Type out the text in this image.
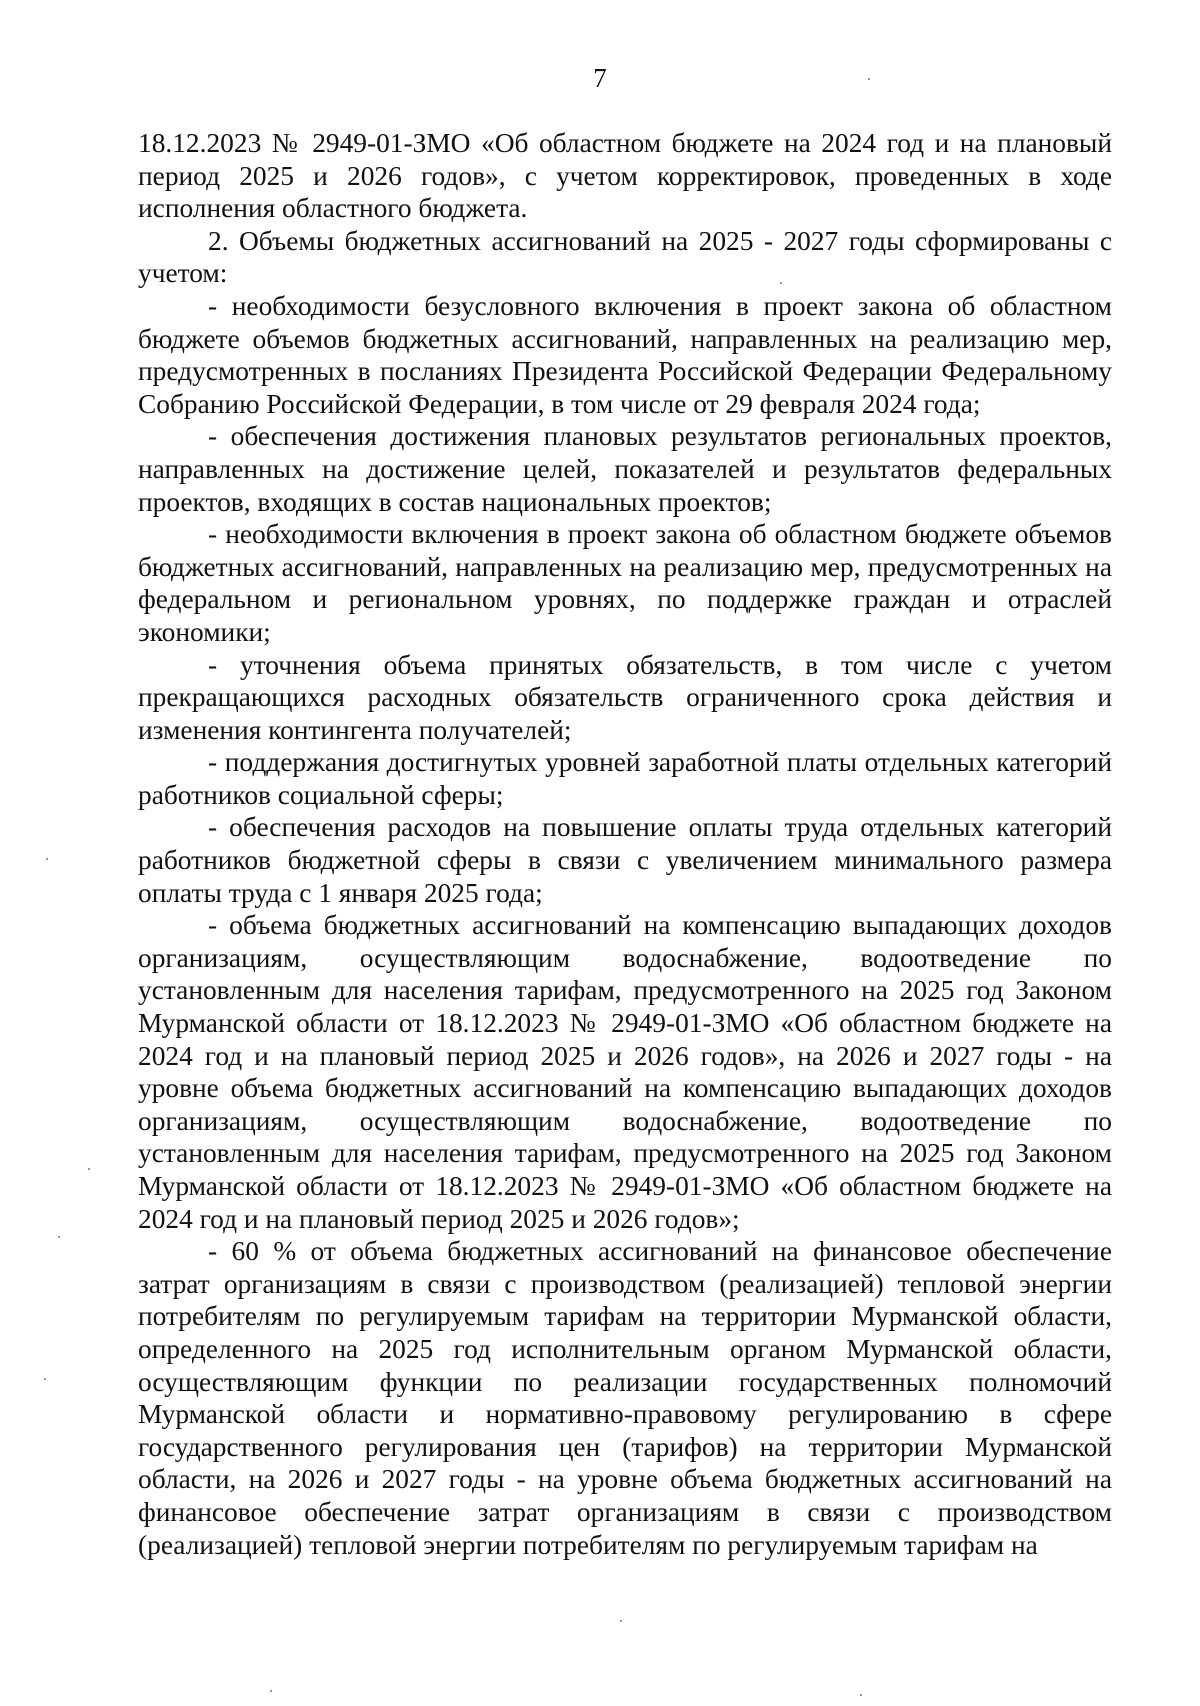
7

18.12.2023 № 2949-01-ЗМО «Об областном бюджете на 2024 год и на плановый период 2025 и 2026 годов», с учетом корректировок, проведенных в ходе исполнения областного бюджета.

2. Объемы бюджетных ассигнований на 2025 - 2027 годы сформированы с учетом:

- необходимости безусловного включения в проект закона об областном бюджете объемов бюджетных ассигнований, направленных на реализацию мер, предусмотренных в посланиях Президента Российской Федерации Федеральному Собранию Российской Федерации, в том числе от 29 февраля 2024 года;

- обеспечения достижения плановых результатов региональных проектов, направленных на достижение целей, показателей и результатов федеральных проектов, входящих в состав национальных проектов;

- необходимости включения в проект закона об областном бюджете объемов бюджетных ассигнований, направленных на реализацию мер, предусмотренных на федеральном и региональном уровнях, по поддержке граждан и отраслей экономики;

- уточнения объема принятых обязательств, в том числе с учетом прекращающихся расходных обязательств ограниченного срока действия и изменения контингента получателей;

- поддержания достигнутых уровней заработной платы отдельных категорий работников социальной сферы;

- обеспечения расходов на повышение оплаты труда отдельных категорий работников бюджетной сферы в связи с увеличением минимального размера оплаты труда с 1 января 2025 года;

- объема бюджетных ассигнований на компенсацию выпадающих доходов организациям, осуществляющим водоснабжение, водоотведение по установленным для населения тарифам, предусмотренного на 2025 год Законом Мурманской области от 18.12.2023 № 2949-01-ЗМО «Об областном бюджете на 2024 год и на плановый период 2025 и 2026 годов», на 2026 и 2027 годы - на уровне объема бюджетных ассигнований на компенсацию выпадающих доходов организациям, осуществляющим водоснабжение, водоотведение по установленным для населения тарифам, предусмотренного на 2025 год Законом Мурманской области от 18.12.2023 № 2949-01-ЗМО «Об областном бюджете на 2024 год и на плановый период 2025 и 2026 годов»;

- 60 % от объема бюджетных ассигнований на финансовое обеспечение затрат организациям в связи с производством (реализацией) тепловой энергии потребителям по регулируемым тарифам на территории Мурманской области, определенного на 2025 год исполнительным органом Мурманской области, осуществляющим функции по реализации государственных полномочий Мурманской области и нормативно-правовому регулированию в сфере государственного регулирования цен (тарифов) на территории Мурманской области, на 2026 и 2027 годы - на уровне объема бюджетных ассигнований на финансовое обеспечение затрат организациям в связи с производством (реализацией) тепловой энергии потребителям по регулируемым тарифам на
